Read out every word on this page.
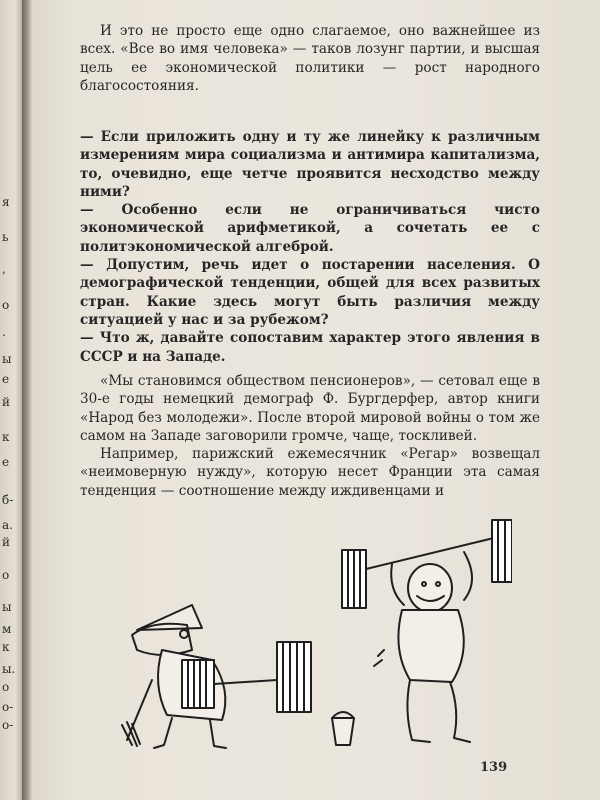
я
ь
,
о
.
ы
е
й
к
е
б-
а.
й
о
ы
м
к
ы.
о
о-
о-

И это не просто еще одно слагаемое, оно важнейшее из всех. «Все во имя человека» — таков лозунг партии, и высшая цель ее экономической политики — рост народного благосостояния.

— Если приложить одну и ту же линейку к различным измерениям мира социализма и антимира капитализма, то, очевидно, еще четче проявится несходство между ними?

— Особенно если не ограничиваться чисто экономической арифметикой, а сочетать ее с политэкономической алгеброй.

— Допустим, речь идет о постарении населения. О демографической тенденции, общей для всех развитых стран. Какие здесь могут быть различия между ситуацией у нас и за рубежом?

— Что ж, давайте сопоставим характер этого явления в СССР и на Западе.

«Мы становимся обществом пенсионеров», — сетовал еще в 30-е годы немецкий демограф Ф. Бургдерфер, автор книги «Народ без молодежи». После второй мировой войны о том же самом на Западе заговорили громче, чаще, тоскливей.

Например, парижский ежемесячник «Регар» возвещал «неимоверную нужду», которую несет Франции эта самая тенденция — соотношение между иждивенцами и

139
